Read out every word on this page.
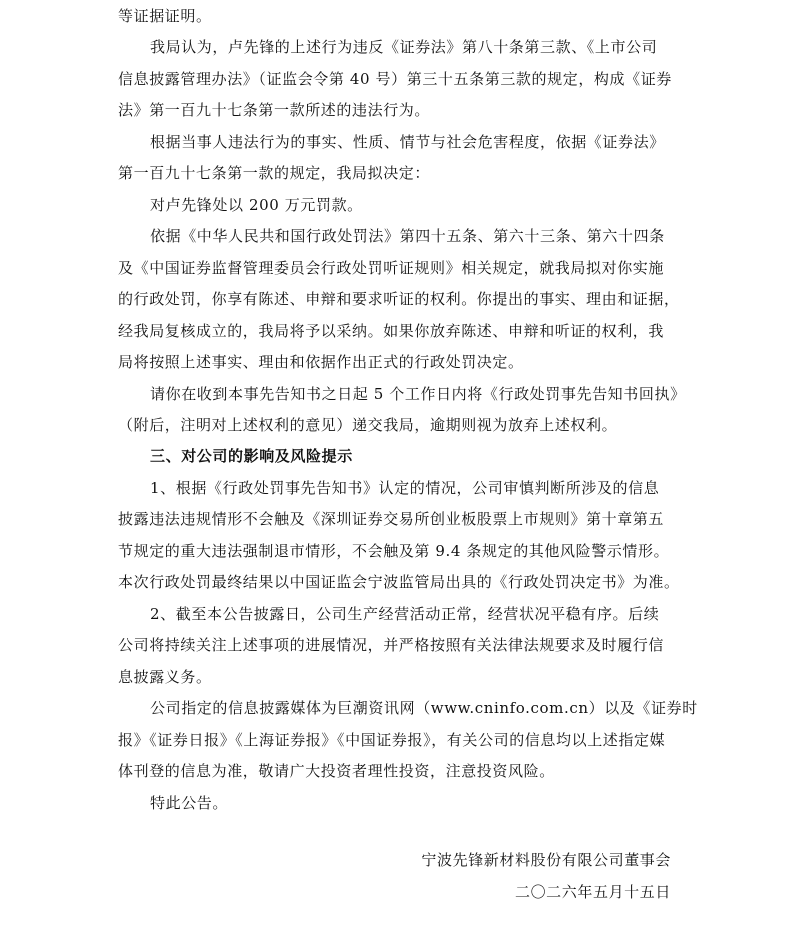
等证据证明。
我局认为，卢先锋的上述行为违反《证券法》第八十条第三款、《上市公司
信息披露管理办法》（证监会令第 40 号）第三十五条第三款的规定，构成《证券
法》第一百九十七条第一款所述的违法行为。
根据当事人违法行为的事实、性质、情节与社会危害程度，依据《证券法》
第一百九十七条第一款的规定，我局拟决定：
对卢先锋处以 200 万元罚款。
依据《中华人民共和国行政处罚法》第四十五条、第六十三条、第六十四条
及《中国证券监督管理委员会行政处罚听证规则》相关规定，就我局拟对你实施
的行政处罚，你享有陈述、申辩和要求听证的权利。你提出的事实、理由和证据，
经我局复核成立的，我局将予以采纳。如果你放弃陈述、申辩和听证的权利，我
局将按照上述事实、理由和依据作出正式的行政处罚决定。
请你在收到本事先告知书之日起 5 个工作日内将《行政处罚事先告知书回执》
（附后，注明对上述权利的意见）递交我局，逾期则视为放弃上述权利。
三、对公司的影响及风险提示
1、根据《行政处罚事先告知书》认定的情况，公司审慎判断所涉及的信息
披露违法违规情形不会触及《深圳证券交易所创业板股票上市规则》第十章第五
节规定的重大违法强制退市情形，不会触及第 9.4 条规定的其他风险警示情形。
本次行政处罚最终结果以中国证监会宁波监管局出具的《行政处罚决定书》为准。
2、截至本公告披露日，公司生产经营活动正常，经营状况平稳有序。后续
公司将持续关注上述事项的进展情况，并严格按照有关法律法规要求及时履行信
息披露义务。
公司指定的信息披露媒体为巨潮资讯网（www.cninfo.com.cn）以及《证券时
报》《证券日报》《上海证券报》《中国证券报》，有关公司的信息均以上述指定媒
体刊登的信息为准，敬请广大投资者理性投资，注意投资风险。
特此公告。
宁波先锋新材料股份有限公司董事会
二〇二六年五月十五日
